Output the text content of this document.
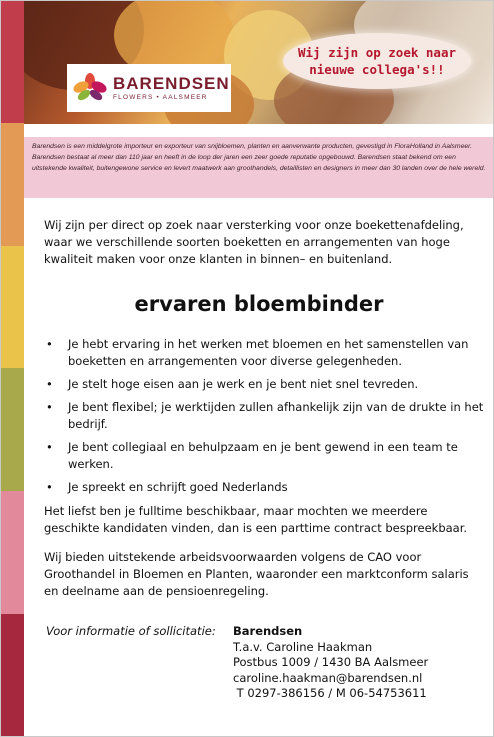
BARENDSEN
FLOWERS • AALSMEER
Wij zijn op zoek naar
nieuwe collega's!!
Barendsen is een middelgrote importeur en exporteur van snijbloemen, planten en aanverwante producten, gevestigd in FloraHolland in Aalsmeer. Barendsen bestaat al meer dan 110 jaar en heeft in de loop der jaren een zeer goede reputatie opgebouwd. Barendsen staat bekend om een uitstekende kwaliteit, buitengewone service en levert maatwerk aan groothandels, detaillisten en designers in meer dan 30 landen over de hele wereld.
Wij zijn per direct op zoek naar versterking voor onze boekettenafdeling, waar we verschillende soorten boeketten en arrangementen van hoge kwaliteit maken voor onze klanten in binnen– en buitenland.
ervaren bloembinder
• Je hebt ervaring in het werken met bloemen en het samenstellen van boeketten en arrangementen voor diverse gelegenheden.
• Je stelt hoge eisen aan je werk en je bent niet snel tevreden.
• Je bent flexibel; je werktijden zullen afhankelijk zijn van de drukte in het bedrijf.
• Je bent collegiaal en behulpzaam en je bent gewend in een team te werken.
• Je spreekt en schrijft goed Nederlands
Het liefst ben je fulltime beschikbaar, maar mochten we meerdere geschikte kandidaten vinden, dan is een parttime contract bespreekbaar.
Wij bieden uitstekende arbeidsvoorwaarden volgens de CAO voor Groothandel in Bloemen en Planten, waaronder een marktconform salaris en deelname aan de pensioenregeling.
Voor informatie of sollicitatie: Barendsen
T.a.v. Caroline Haakman
Postbus 1009 / 1430 BA Aalsmeer
caroline.haakman@barendsen.nl
T 0297-386156 / M 06-54753611
